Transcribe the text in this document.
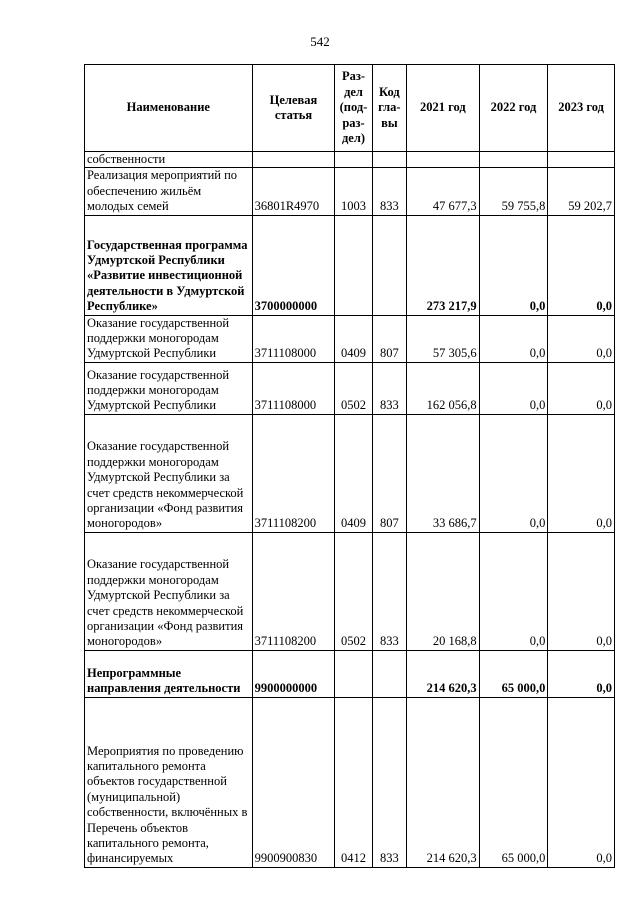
542
Наименование	Целевая статья	Раз-дел (под-раз-дел)	Код гла-вы	2021 год	2022 год	2023 год
собственности						
Реализация мероприятий по обеспечению жильём молодых семей	36801R4970	1003	833	47 677,3	59 755,8	59 202,7
Государственная программа Удмуртской Республики «Развитие инвестиционной деятельности в Удмуртской Республике»	3700000000			273 217,9	0,0	0,0
Оказание государственной поддержки моногородам Удмуртской Республики	3711108000	0409	807	57 305,6	0,0	0,0
Оказание государственной поддержки моногородам Удмуртской Республики	3711108000	0502	833	162 056,8	0,0	0,0
Оказание государственной поддержки моногородам Удмуртской Республики за счет средств некоммерческой организации «Фонд развития моногородов»	3711108200	0409	807	33 686,7	0,0	0,0
Оказание государственной поддержки моногородам Удмуртской Республики за счет средств некоммерческой организации «Фонд развития моногородов»	3711108200	0502	833	20 168,8	0,0	0,0
Непрограммные направления деятельности	9900000000			214 620,3	65 000,0	0,0
Мероприятия по проведению капитального ремонта объектов государственной (муниципальной) собственности, включённых в Перечень объектов капитального ремонта, финансируемых	9900900830	0412	833	214 620,3	65 000,0	0,0
